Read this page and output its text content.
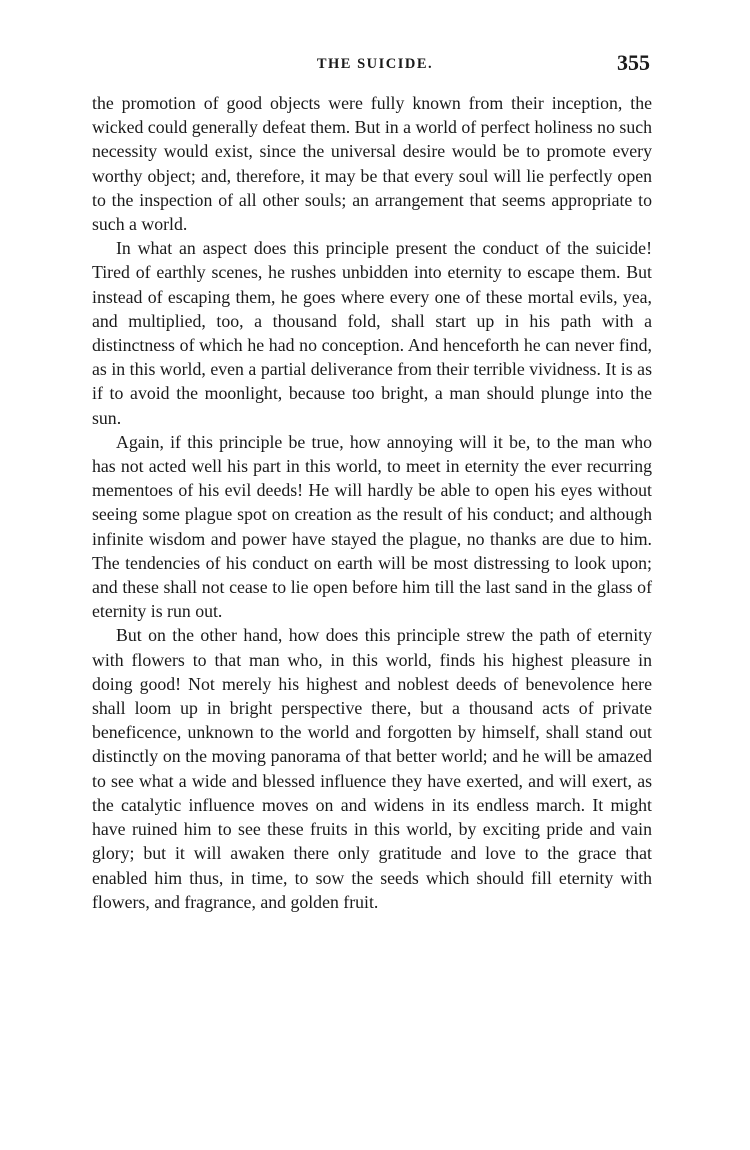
THE SUICIDE.	355

the promotion of good objects were fully known from their inception, the wicked could generally defeat them. But in a world of perfect holiness no such necessity would exist, since the universal desire would be to promote every worthy object; and, therefore, it may be that every soul will lie perfectly open to the inspection of all other souls; an arrangement that seems appropriate to such a world.

In what an aspect does this principle present the conduct of the suicide! Tired of earthly scenes, he rushes unbidden into eternity to escape them. But instead of escaping them, he goes where every one of these mortal evils, yea, and multiplied, too, a thousand fold, shall start up in his path with a distinctness of which he had no conception. And henceforth he can never find, as in this world, even a partial deliverance from their terrible vividness. It is as if to avoid the moonlight, because too bright, a man should plunge into the sun.

Again, if this principle be true, how annoying will it be, to the man who has not acted well his part in this world, to meet in eternity the ever recurring mementoes of his evil deeds! He will hardly be able to open his eyes without seeing some plague spot on creation as the result of his conduct; and although infinite wisdom and power have stayed the plague, no thanks are due to him. The tendencies of his conduct on earth will be most distressing to look upon; and these shall not cease to lie open before him till the last sand in the glass of eternity is run out.

But on the other hand, how does this principle strew the path of eternity with flowers to that man who, in this world, finds his highest pleasure in doing good! Not merely his highest and noblest deeds of benevolence here shall loom up in bright perspective there, but a thousand acts of private beneficence, unknown to the world and forgotten by himself, shall stand out distinctly on the moving panorama of that better world; and he will be amazed to see what a wide and blessed influence they have exerted, and will exert, as the catalytic influence moves on and widens in its endless march. It might have ruined him to see these fruits in this world, by exciting pride and vain glory; but it will awaken there only gratitude and love to the grace that enabled him thus, in time, to sow the seeds which should fill eternity with flowers, and fragrance, and golden fruit.
